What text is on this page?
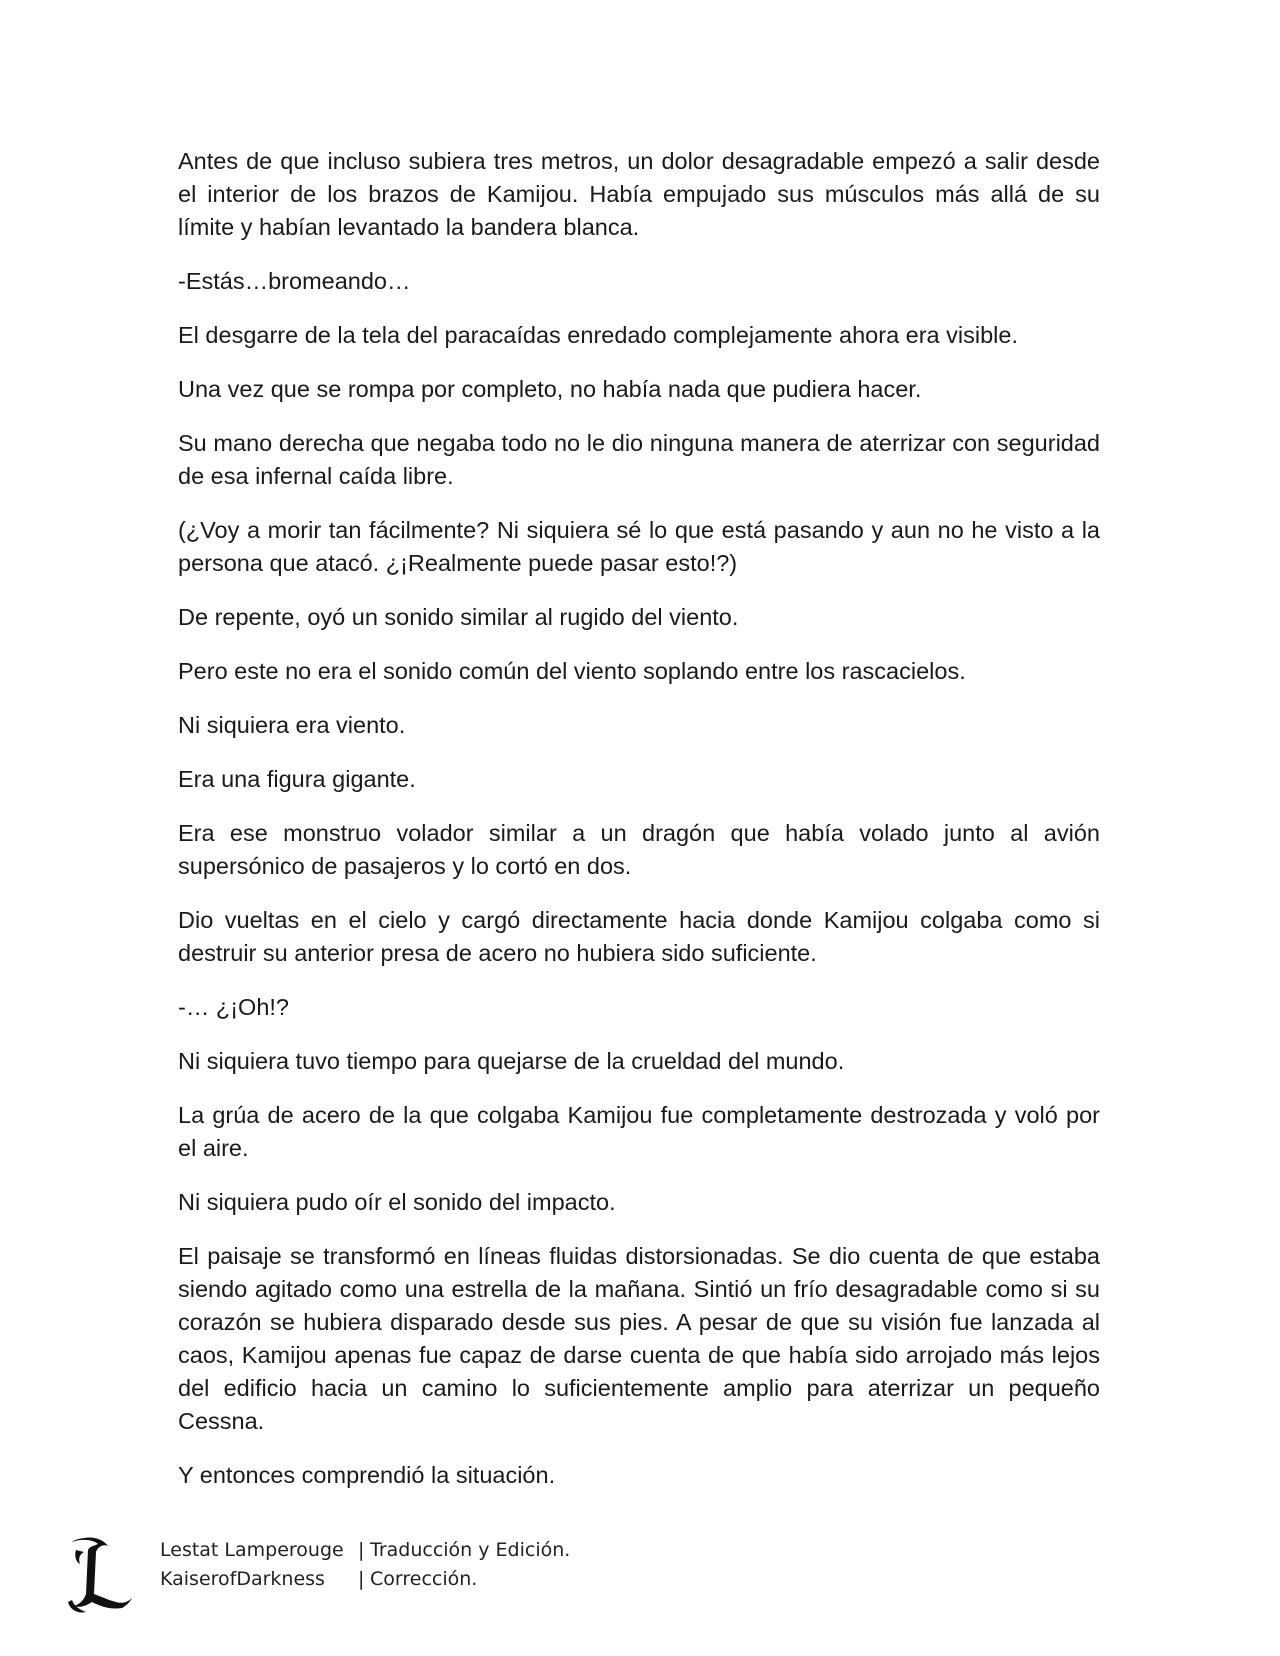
Antes de que incluso subiera tres metros, un dolor desagradable empezó a salir desde el interior de los brazos de Kamijou. Había empujado sus músculos más allá de su límite y habían levantado la bandera blanca.

-Estás…bromeando…

El desgarre de la tela del paracaídas enredado complejamente ahora era visible.

Una vez que se rompa por completo, no había nada que pudiera hacer.

Su mano derecha que negaba todo no le dio ninguna manera de aterrizar con seguridad de esa infernal caída libre.

(¿Voy a morir tan fácilmente? Ni siquiera sé lo que está pasando y aun no he visto a la persona que atacó. ¿¡Realmente puede pasar esto!?)

De repente, oyó un sonido similar al rugido del viento.

Pero este no era el sonido común del viento soplando entre los rascacielos.

Ni siquiera era viento.

Era una figura gigante.

Era ese monstruo volador similar a un dragón que había volado junto al avión supersónico de pasajeros y lo cortó en dos.

Dio vueltas en el cielo y cargó directamente hacia donde Kamijou colgaba como si destruir su anterior presa de acero no hubiera sido suficiente.

-… ¿¡Oh!?

Ni siquiera tuvo tiempo para quejarse de la crueldad del mundo.

La grúa de acero de la que colgaba Kamijou fue completamente destrozada y voló por el aire.

Ni siquiera pudo oír el sonido del impacto.

El paisaje se transformó en líneas fluidas distorsionadas. Se dio cuenta de que estaba siendo agitado como una estrella de la mañana. Sintió un frío desagradable como si su corazón se hubiera disparado desde sus pies. A pesar de que su visión fue lanzada al caos, Kamijou apenas fue capaz de darse cuenta de que había sido arrojado más lejos del edificio hacia un camino lo suficientemente amplio para aterrizar un pequeño Cessna.

Y entonces comprendió la situación.

Lestat Lamperouge | Traducción y Edición.
KaiserofDarkness	| Corrección.
